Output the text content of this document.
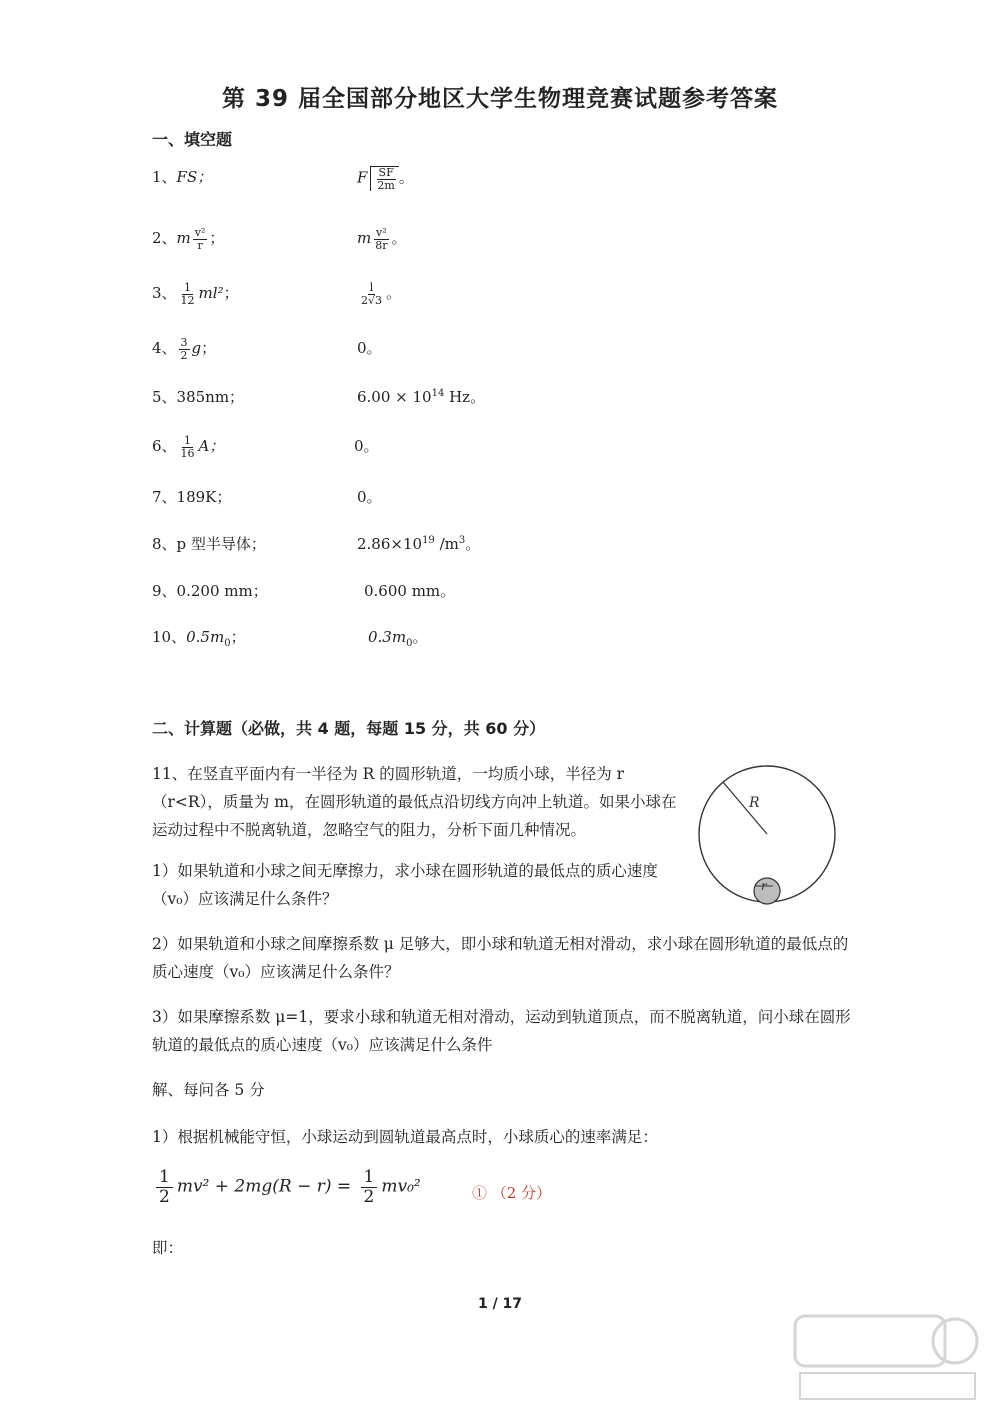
第 39 届全国部分地区大学生物理竞赛试题参考答案
一、填空题
1、FS；	F $\frac{SF}{2m}$ 。
2、m $\frac{\text{v²}}{r}$ ；	m $\frac{\text{v²}}{8r}$ 。
3、 $\frac{1}{12} ml^2$；	$\frac{l}{2√3}$ 。
4、 $\frac{3}{2}$ g；	0。
5、385nm；	$6.00 \times 10^{14}$ Hz。
6、 $\frac{1}{16}$ A；	0。
7、189K；	0。
8、p 型半导体；	$2.86\times 10^{19}$ $/m^3$。
9、0.200 mm；	0.600 mm。
10、$0.5m_0$；	$0.3m_0$。
二、计算题（必做，共 4 题，每题 15 分，共 60 分）
11、在竖直平面内有一半径为 R 的圆形轨道，一均质小球，半径为 r（r<R），质量为 m，在圆形轨道的最低点沿切线方向冲上轨道。如果小球在运动过程中不脱离轨道，忽略空气的阻力，分析下面几种情况。
1）如果轨道和小球之间无摩擦力，求小球在圆形轨道的最低点的质心速度（v₀）应该满足什么条件？
R
r
2）如果轨道和小球之间摩擦系数 μ 足够大，即小球和轨道无相对滑动，求小球在圆形轨道的最低点的质心速度（v₀）应该满足什么条件？
3）如果摩擦系数 μ=1，要求小球和轨道无相对滑动，运动到轨道顶点，而不脱离轨道，问小球在圆形轨道的最低点的质心速度（v₀）应该满足什么条件
解、每问各 5 分
1）根据机械能守恒，小球运动到圆轨道最高点时，小球质心的速率满足：
$\frac{1}{2} mv^2 + 2mg(R - r) = \frac{1}{2} mv_0^2$	① （2 分）
即：
1 / 17
